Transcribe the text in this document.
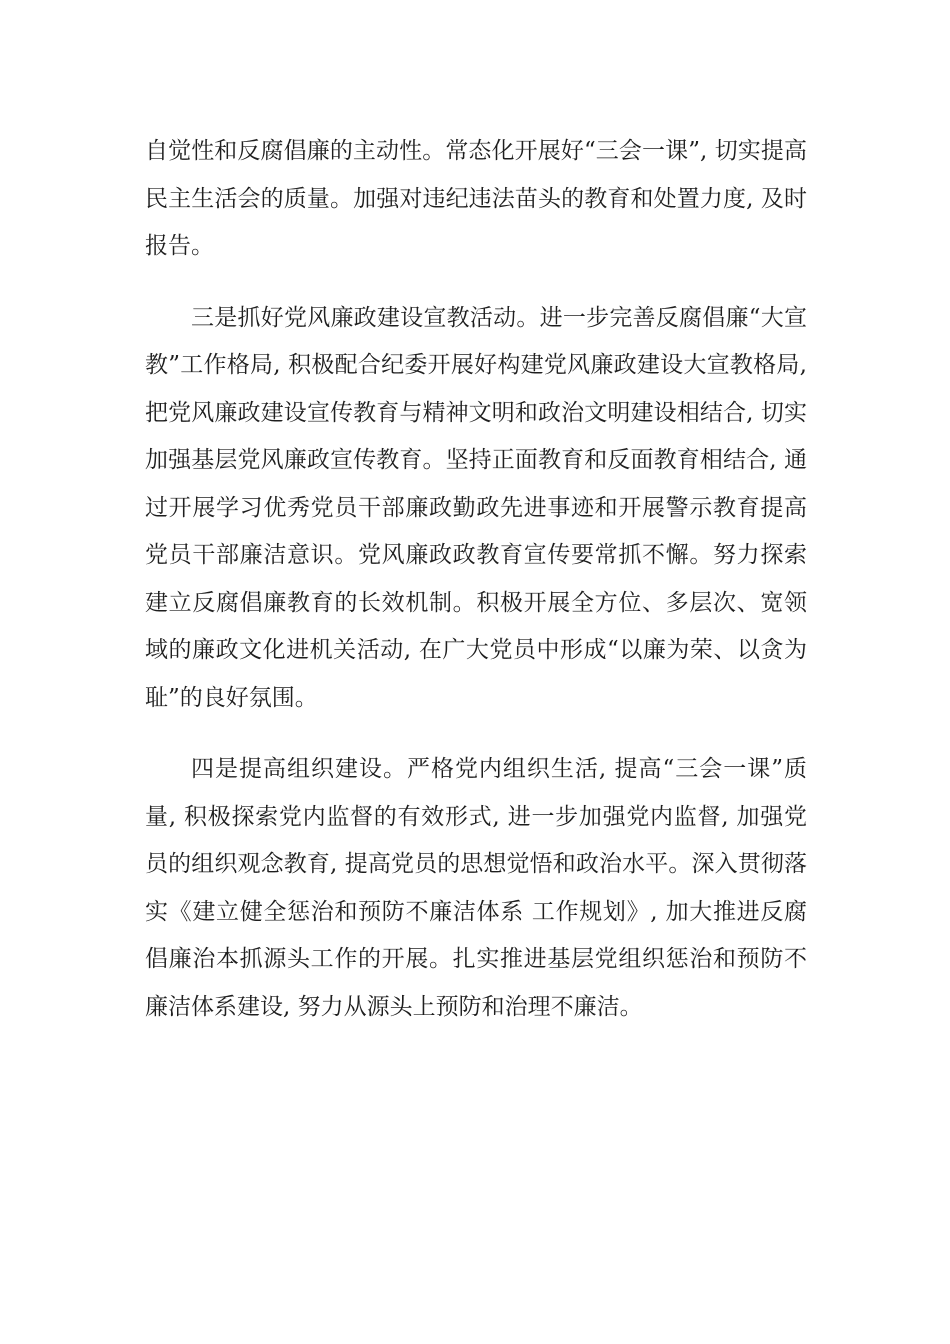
自觉性和反腐倡廉的主动性。常态化开展好“三会一课”, 切实提高民主生活会的质量。加强对违纪违法苗头的教育和处置力度, 及时报告。

三是抓好党风廉政建设宣教活动。进一步完善反腐倡廉“大宣教”工作格局, 积极配合纪委开展好构建党风廉政建设大宣教格局, 把党风廉政建设宣传教育与精神文明和政治文明建设相结合, 切实加强基层党风廉政宣传教育。坚持正面教育和反面教育相结合, 通过开展学习优秀党员干部廉政勤政先进事迹和开展警示教育提高党员干部廉洁意识。党风廉政政教育宣传要常抓不懈。努力探索建立反腐倡廉教育的长效机制。积极开展全方位、多层次、宽领域的廉政文化进机关活动, 在广大党员中形成“以廉为荣、以贪为耻”的良好氛围。

四是提高组织建设。严格党内组织生活, 提高“三会一课”质量, 积极探索党内监督的有效形式, 进一步加强党内监督, 加强党员的组织观念教育, 提高党员的思想觉悟和政治水平。深入贯彻落实《建立健全惩治和预防不廉洁体系 工作规划》, 加大推进反腐倡廉治本抓源头工作的开展。扎实推进基层党组织惩治和预防不廉洁体系建设, 努力从源头上预防和治理不廉洁。
